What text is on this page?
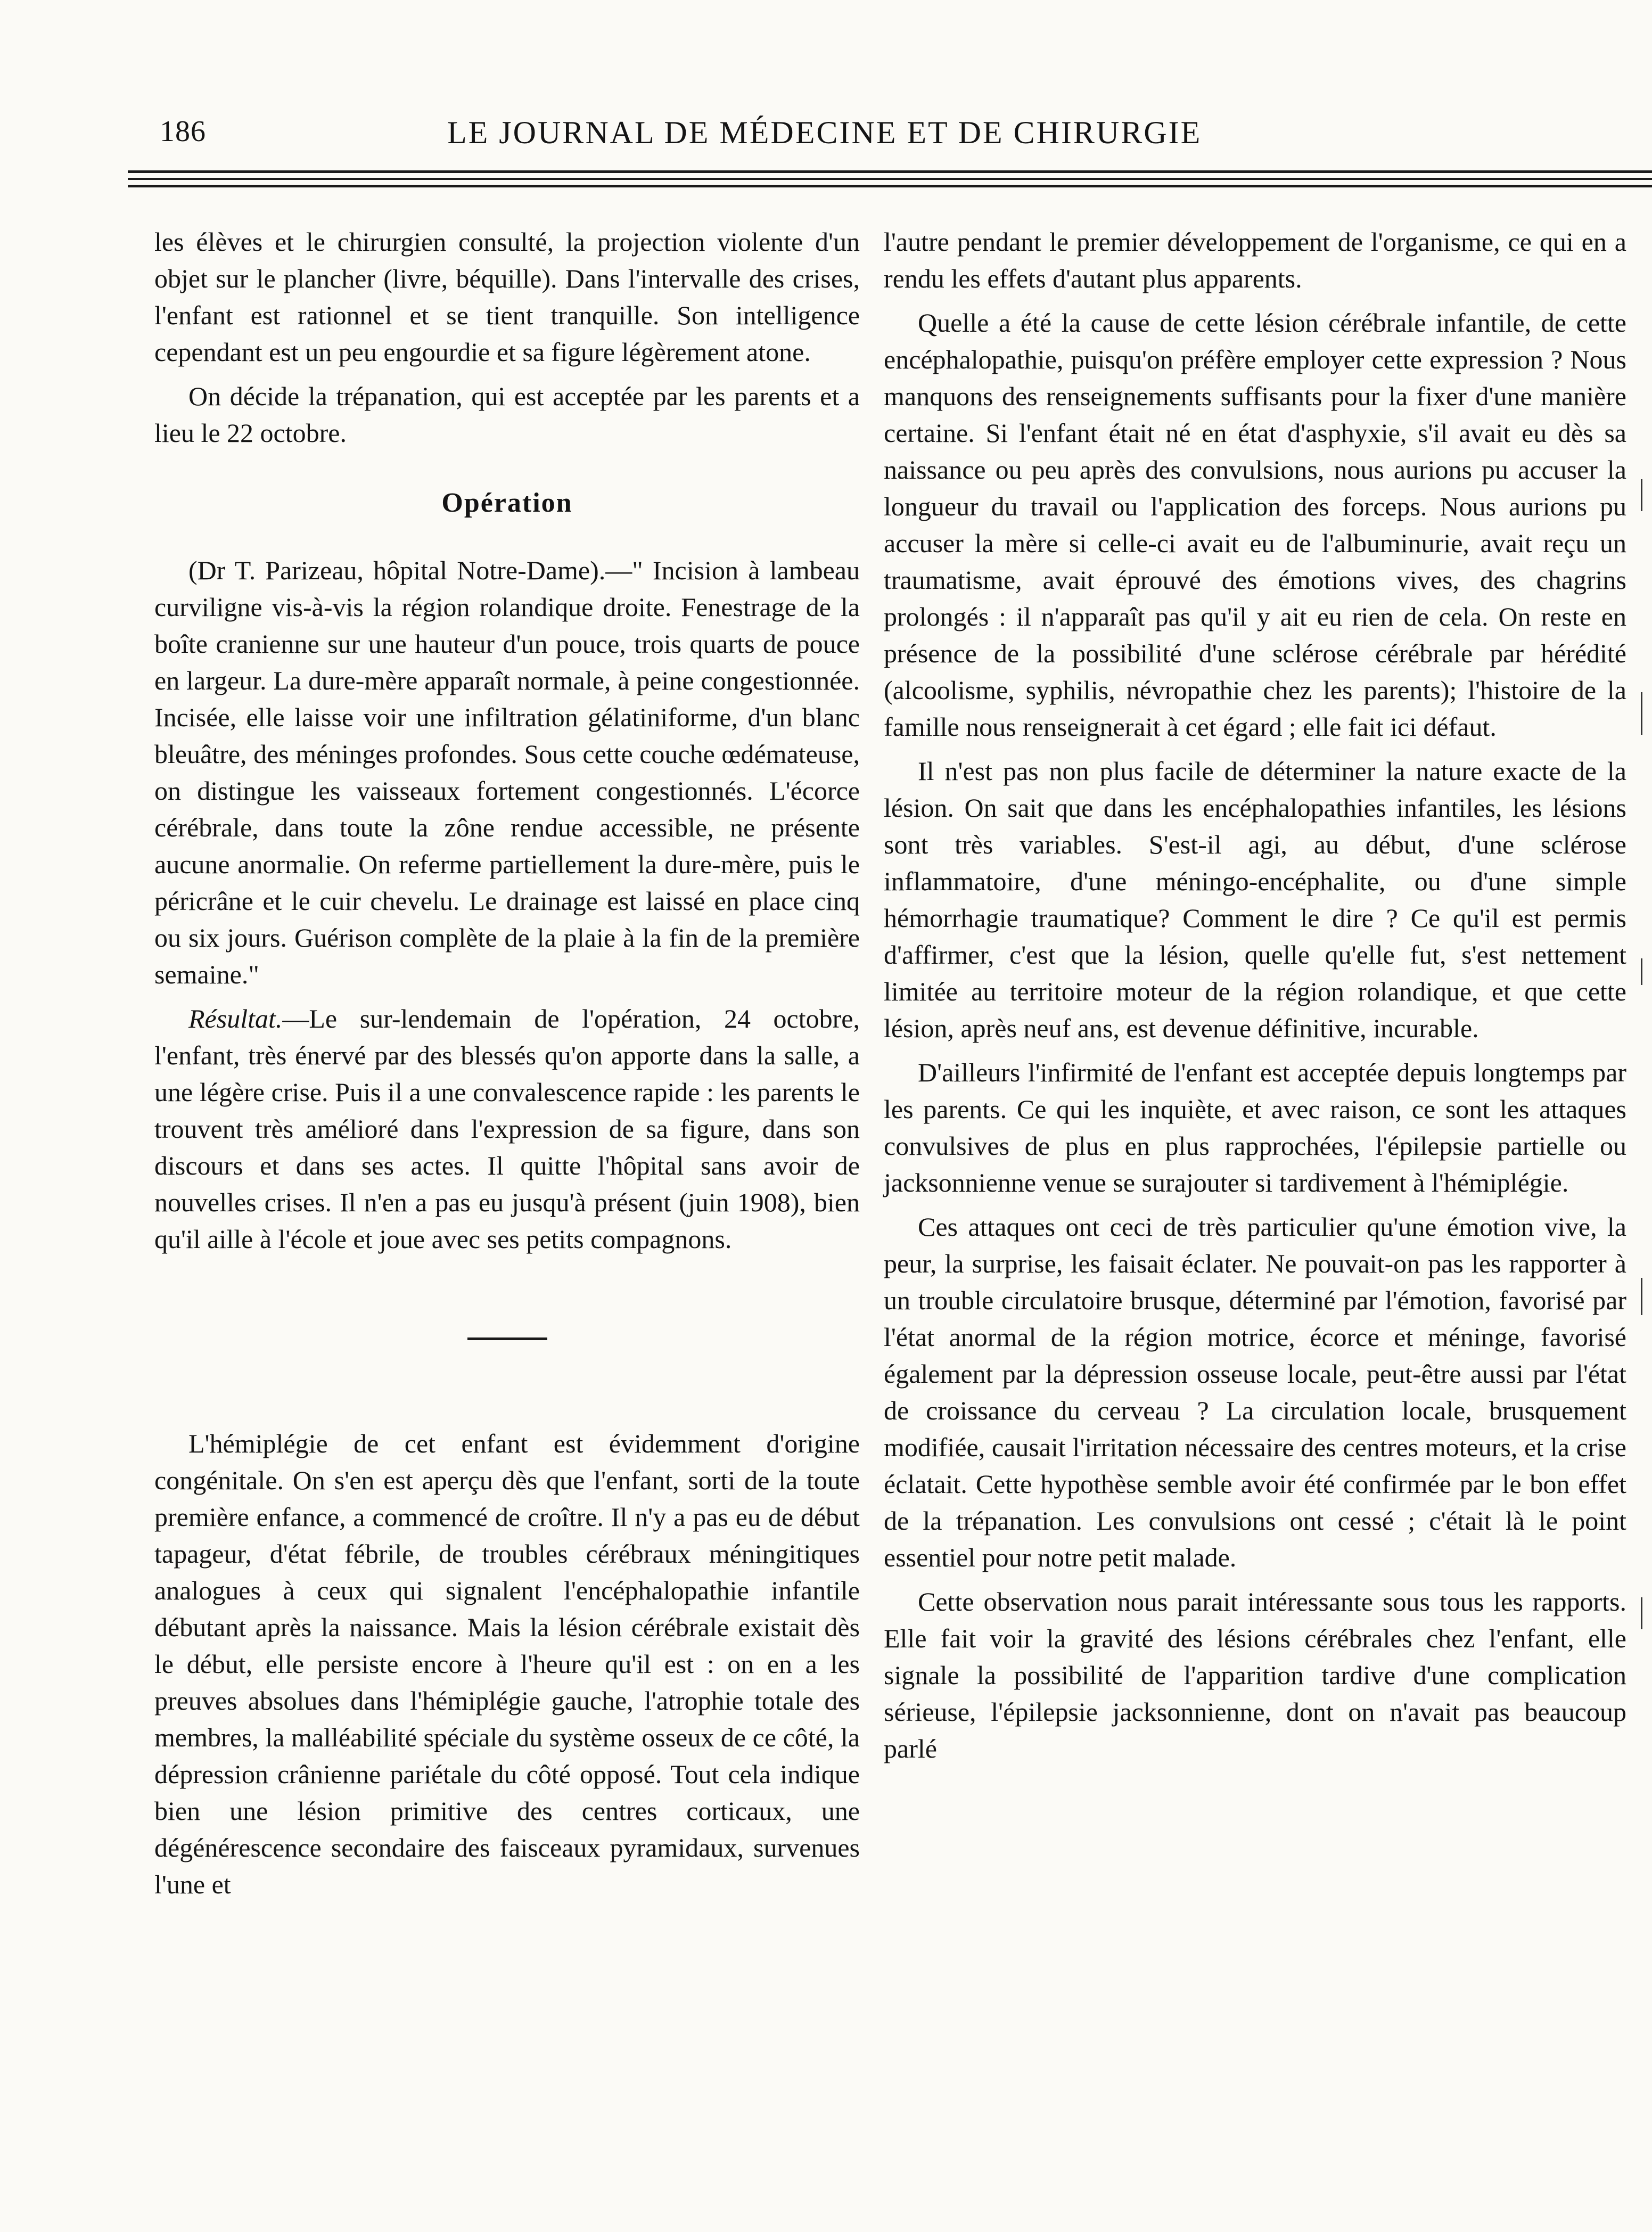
186	LE JOURNAL DE MÉDECINE ET DE CHIRURGIE

les élèves et le chirurgien consulté, la projection violente d'un objet sur le plancher (livre, béquille). Dans l'intervalle des crises, l'enfant est rationnel et se tient tranquille. Son intelligence cependant est un peu engourdie et sa figure légèrement atone.

On décide la trépanation, qui est acceptée par les parents et a lieu le 22 octobre.

Opération

(Dr T. Parizeau, hôpital Notre-Dame).—" Incision à lambeau curviligne vis-à-vis la région rolandique droite. Fenestrage de la boîte cranienne sur une hauteur d'un pouce, trois quarts de pouce en largeur. La dure-mère apparaît normale, à peine congestionnée. Incisée, elle laisse voir une infiltration gélatiniforme, d'un blanc bleuâtre, des méninges profondes. Sous cette couche œdémateuse, on distingue les vaisseaux fortement congestionnés. L'écorce cérébrale, dans toute la zône rendue accessible, ne présente aucune anormalie. On referme partiellement la dure-mère, puis le péricrâne et le cuir chevelu. Le drainage est laissé en place cinq ou six jours. Guérison complète de la plaie à la fin de la première semaine."

Résultat.—Le sur-lendemain de l'opération, 24 octobre, l'enfant, très énervé par des blessés qu'on apporte dans la salle, a une légère crise. Puis il a une convalescence rapide : les parents le trouvent très amélioré dans l'expression de sa figure, dans son discours et dans ses actes. Il quitte l'hôpital sans avoir de nouvelles crises. Il n'en a pas eu jusqu'à présent (juin 1908), bien qu'il aille à l'école et joue avec ses petits compagnons.

L'hémiplégie de cet enfant est évidemment d'origine congénitale. On s'en est aperçu dès que l'enfant, sorti de la toute première enfance, a commencé de croître. Il n'y a pas eu de début tapageur, d'état fébrile, de troubles cérébraux méningitiques analogues à ceux qui signalent l'encéphalopathie infantile débutant après la naissance. Mais la lésion cérébrale existait dès le début, elle persiste encore à l'heure qu'il est : on en a les preuves absolues dans l'hémiplégie gauche, l'atrophie totale des membres, la malléabilité spéciale du système osseux de ce côté, la dépression crânienne pariétale du côté opposé. Tout cela indique bien une lésion primitive des centres corticaux, une dégénérescence secondaire des faisceaux pyramidaux, survenues l'une et

l'autre pendant le premier développement de l'organisme, ce qui en a rendu les effets d'autant plus apparents.

Quelle a été la cause de cette lésion cérébrale infantile, de cette encéphalopathie, puisqu'on préfère employer cette expression ? Nous manquons des renseignements suffisants pour la fixer d'une manière certaine. Si l'enfant était né en état d'asphyxie, s'il avait eu dès sa naissance ou peu après des convulsions, nous aurions pu accuser la longueur du travail ou l'application des forceps. Nous aurions pu accuser la mère si celle-ci avait eu de l'albuminurie, avait reçu un traumatisme, avait éprouvé des émotions vives, des chagrins prolongés : il n'apparaît pas qu'il y ait eu rien de cela. On reste en présence de la possibilité d'une sclérose cérébrale par hérédité (alcoolisme, syphilis, névropathie chez les parents); l'histoire de la famille nous renseignerait à cet égard ; elle fait ici défaut.

Il n'est pas non plus facile de déterminer la nature exacte de la lésion. On sait que dans les encéphalopathies infantiles, les lésions sont très variables. S'est-il agi, au début, d'une sclérose inflammatoire, d'une méningo-encéphalite, ou d'une simple hémorrhagie traumatique? Comment le dire ? Ce qu'il est permis d'affirmer, c'est que la lésion, quelle qu'elle fut, s'est nettement limitée au territoire moteur de la région rolandique, et que cette lésion, après neuf ans, est devenue définitive, incurable.

D'ailleurs l'infirmité de l'enfant est acceptée depuis longtemps par les parents. Ce qui les inquiète, et avec raison, ce sont les attaques convulsives de plus en plus rapprochées, l'épilepsie partielle ou jacksonnienne venue se surajouter si tardivement à l'hémiplégie.

Ces attaques ont ceci de très particulier qu'une émotion vive, la peur, la surprise, les faisait éclater. Ne pouvait-on pas les rapporter à un trouble circulatoire brusque, déterminé par l'émotion, favorisé par l'état anormal de la région motrice, écorce et méninge, favorisé également par la dépression osseuse locale, peut-être aussi par l'état de croissance du cerveau ? La circulation locale, brusquement modifiée, causait l'irritation nécessaire des centres moteurs, et la crise éclatait. Cette hypothèse semble avoir été confirmée par le bon effet de la trépanation. Les convulsions ont cessé ; c'était là le point essentiel pour notre petit malade.

Cette observation nous parait intéressante sous tous les rapports. Elle fait voir la gravité des lésions cérébrales chez l'enfant, elle signale la possibilité de l'apparition tardive d'une complication sérieuse, l'épilepsie jacksonnienne, dont on n'avait pas beaucoup parlé
